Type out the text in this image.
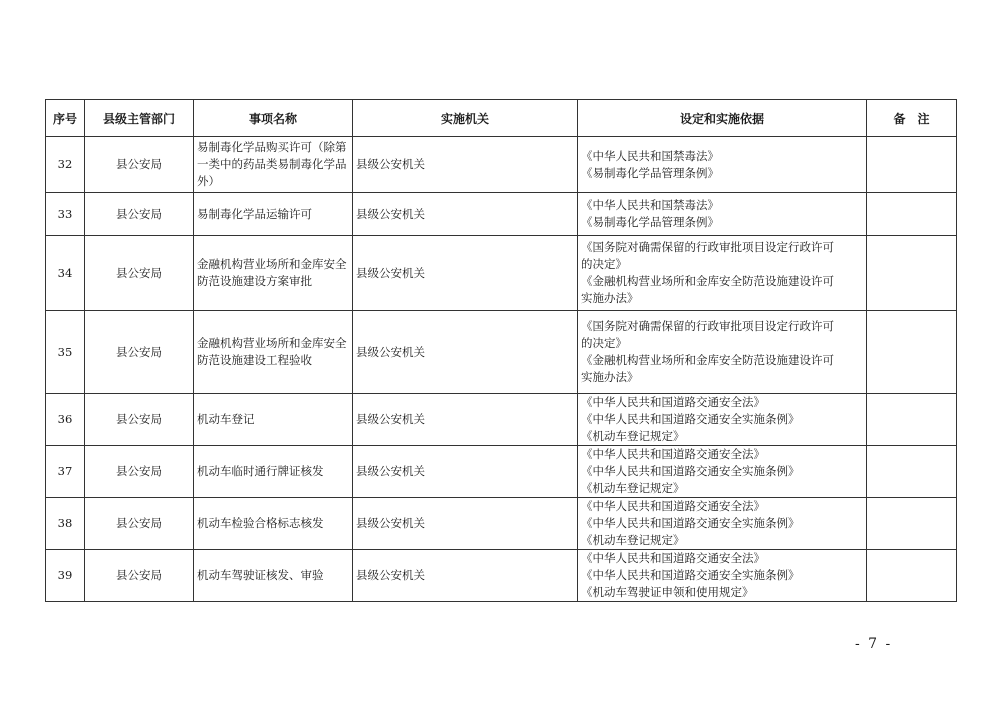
序号	县级主管部门	事项名称	实施机关	设定和实施依据	备　注
32	县公安局	易制毒化学品购买许可（除第一类中的药品类易制毒化学品外）	县级公安机关	《中华人民共和国禁毒法》
《易制毒化学品管理条例》	

33	县公安局	易制毒化学品运输许可	县级公安机关	《中华人民共和国禁毒法》
《易制毒化学品管理条例》	

34	县公安局	金融机构营业场所和金库安全防范设施建设方案审批	县级公安机关	《国务院对确需保留的行政审批项目设定行政许可
的决定》
《金融机构营业场所和金库安全防范设施建设许可
实施办法》	

35	县公安局	金融机构营业场所和金库安全防范设施建设工程验收	县级公安机关	《国务院对确需保留的行政审批项目设定行政许可
的决定》
《金融机构营业场所和金库安全防范设施建设许可
实施办法》	

36	县公安局	机动车登记	县级公安机关	《中华人民共和国道路交通安全法》
《中华人民共和国道路交通安全实施条例》
《机动车登记规定》	

37	县公安局	机动车临时通行牌证核发	县级公安机关	《中华人民共和国道路交通安全法》
《中华人民共和国道路交通安全实施条例》
《机动车登记规定》	

38	县公安局	机动车检验合格标志核发	县级公安机关	《中华人民共和国道路交通安全法》
《中华人民共和国道路交通安全实施条例》
《机动车登记规定》	

39	县公安局	机动车驾驶证核发、审验	县级公安机关	《中华人民共和国道路交通安全法》
《中华人民共和国道路交通安全实施条例》
《机动车驾驶证申领和使用规定》	

- 7 -
